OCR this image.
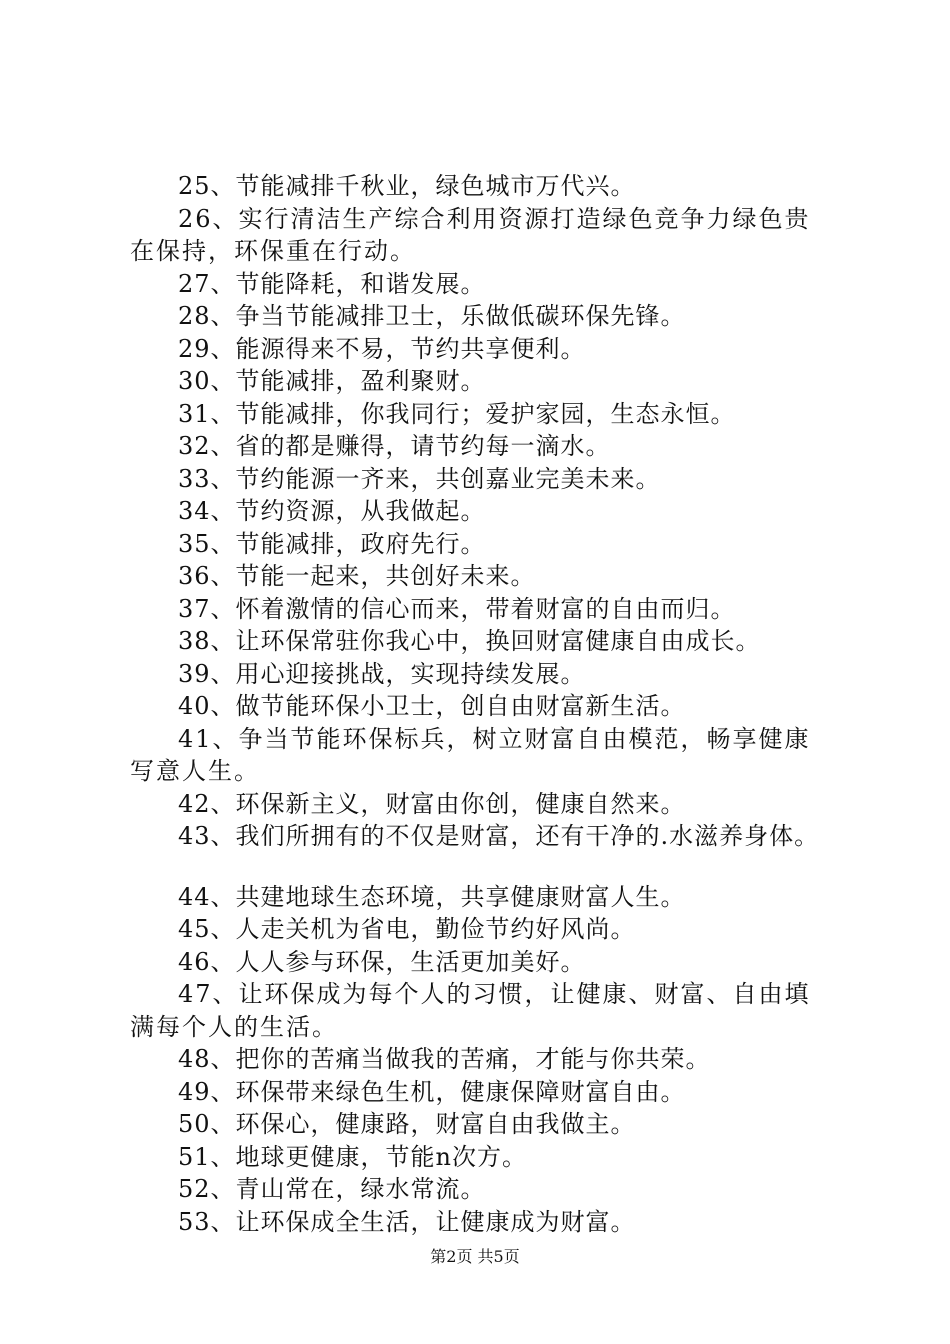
25、节能减排千秋业，绿色城市万代兴。

26、实行清洁生产综合利用资源打造绿色竞争力绿色贵在保持，环保重在行动。

27、节能降耗，和谐发展。

28、争当节能减排卫士，乐做低碳环保先锋。

29、能源得来不易，节约共享便利。

30、节能减排，盈利聚财。

31、节能减排，你我同行；爱护家园，生态永恒。

32、省的都是赚得，请节约每一滴水。

33、节约能源一齐来，共创嘉业完美未来。

34、节约资源，从我做起。

35、节能减排，政府先行。

36、节能一起来，共创好未来。

37、怀着激情的信心而来，带着财富的自由而归。

38、让环保常驻你我心中，换回财富健康自由成长。

39、用心迎接挑战，实现持续发展。

40、做节能环保小卫士，创自由财富新生活。

41、争当节能环保标兵，树立财富自由模范，畅享健康写意人生。

42、环保新主义，财富由你创，健康自然来。

43、我们所拥有的不仅是财富，还有干净的.水滋养身体。

44、共建地球生态环境，共享健康财富人生。

45、人走关机为省电，勤俭节约好风尚。

46、人人参与环保，生活更加美好。

47、让环保成为每个人的习惯，让健康、财富、自由填满每个人的生活。

48、把你的苦痛当做我的苦痛，才能与你共荣。

49、环保带来绿色生机，健康保障财富自由。

50、环保心，健康路，财富自由我做主。

51、地球更健康，节能n次方。

52、青山常在，绿水常流。

53、让环保成全生活，让健康成为财富。

第2页 共5页
